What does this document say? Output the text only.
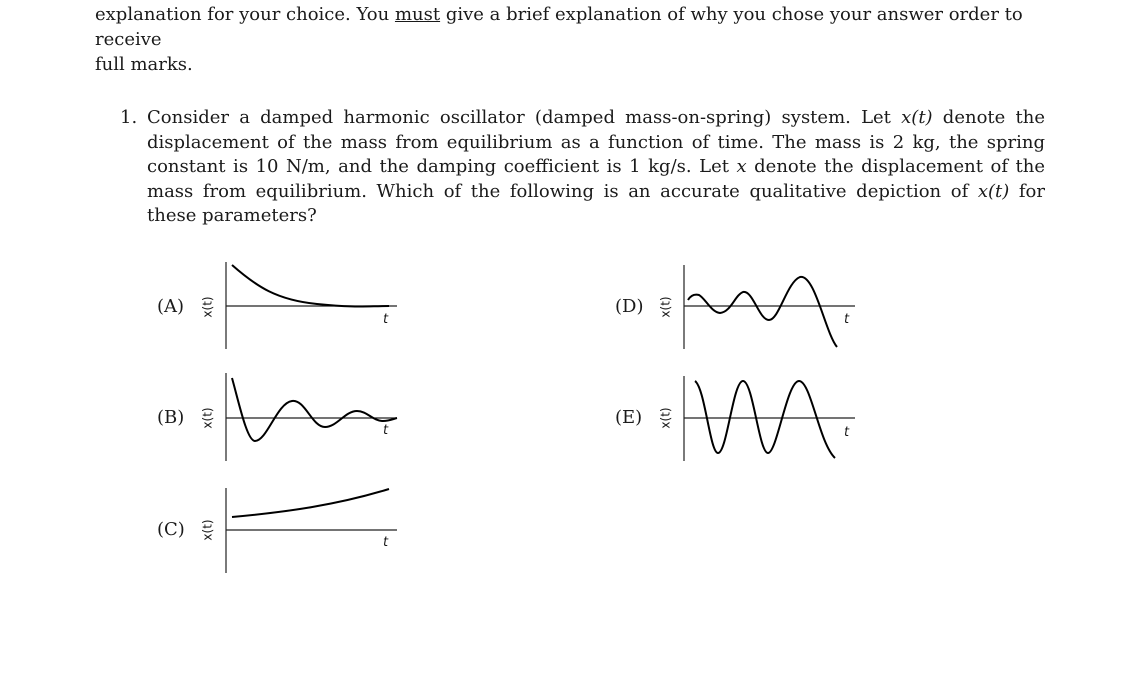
explanation for your choice. You must give a brief explanation of why you chose your answer order to receive
full marks.
1. Consider a damped harmonic oscillator (damped mass-on-spring) system. Let x(t) denote the displacement of the mass from equilibrium as a function of time. The mass is 2 kg, the spring constant is 10 N/m, and the damping coefficient is 1 kg/s. Let x denote the displacement of the mass from equilibrium. Which of the following is an accurate qualitative depiction of x(t) for these parameters?
(A) x(t)
t
(B) x(t)
t
(C) x(t)
t
(D) x(t)
t
(E) x(t)
t
